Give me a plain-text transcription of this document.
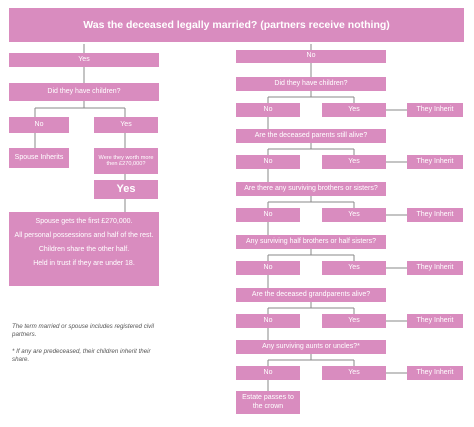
Was the deceased legally married? (partners receive nothing)
Yes
Did they have children?
No	Yes
Spouse Inherits	Were they worth more then £270,000?
Yes
Spouse gets the first £270,000.
All personal possessions and half of the rest.
Children share the other half.
Held in trust if they are under 18.
The term married or spouse includes registered civil partners.
* If any are predeceased, their children inherit their share.
No
Did they have children?
No	Yes	They Inherit
Are the deceased parents still alive?
No	Yes	They Inherit
Are there any surviving brothers or sisters?
No	Yes	They Inherit
Any surviving half brothers or half sisters?
No	Yes	They Inherit
Are the deceased grandparents alive?
No	Yes	They Inherit
Any surviving aunts or uncles?*
No	Yes	They Inherit
Estate passes to the crown
